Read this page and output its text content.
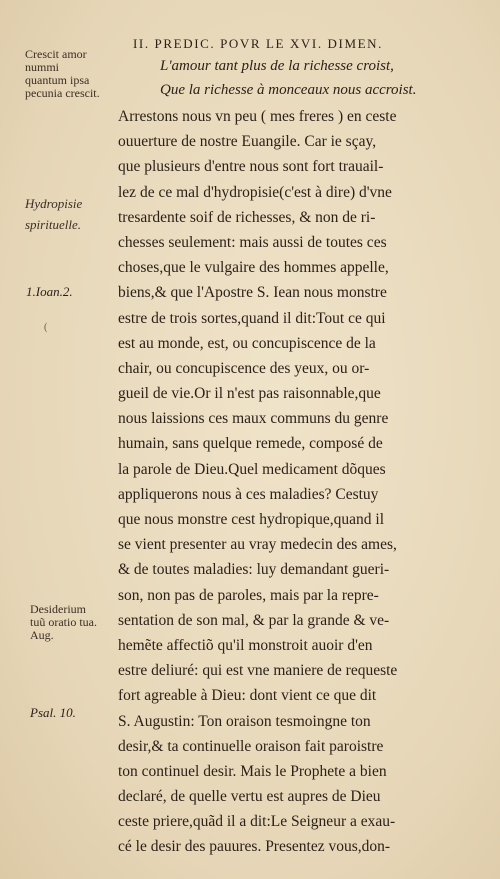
II. PREDIC. POVR LE XVI. DIMEN.
L'amour tant plus de la richesse croist,
Que la richesse à monceaux nous accroist.
Crescit amor nummi quantum ipsa pecunia crescit.
Hydropisie spirituelle.
1.Ioan.2.
(
Desiderium tuũ oratio tua. Aug.
Psal. 10.
Arrestons nous vn peu ( mes freres ) en ceste
ouuerture de nostre Euangile. Car ie sçay,
que plusieurs d'entre nous sont fort trauail-
lez de ce mal d'hydropisie(c'est à dire) d'vne
tresardente soif de richesses, & non de ri-
chesses seulement: mais aussi de toutes ces
choses,que le vulgaire des hommes appelle,
biens,& que l'Apostre S. Iean nous monstre
estre de trois sortes,quand il dit:Tout ce qui
est au monde, est, ou concupiscence de la
chair, ou concupiscence des yeux, ou or-
gueil de vie.Or il n'est pas raisonnable,que
nous laissions ces maux communs du genre
humain, sans quelque remede, composé de
la parole de Dieu.Quel medicament dõques
appliquerons nous à ces maladies? Cestuy
que nous monstre cest hydropique,quand il
se vient presenter au vray medecin des ames,
& de toutes maladies: luy demandant gueri-
son, non pas de paroles, mais par la repre-
sentation de son mal, & par la grande & ve-
hemẽte affectiõ qu'il monstroit auoir d'en
estre deliuré: qui est vne maniere de requeste
fort agreable à Dieu: dont vient ce que dit
S. Augustin: Ton oraison tesmoingne ton
desir,& ta continuelle oraison fait paroistre
ton continuel desir. Mais le Prophete a bien
declaré, de quelle vertu est aupres de Dieu
ceste priere,quãd il a dit:Le Seigneur a exau-
cé le desir des pauures. Presentez vous,don-
